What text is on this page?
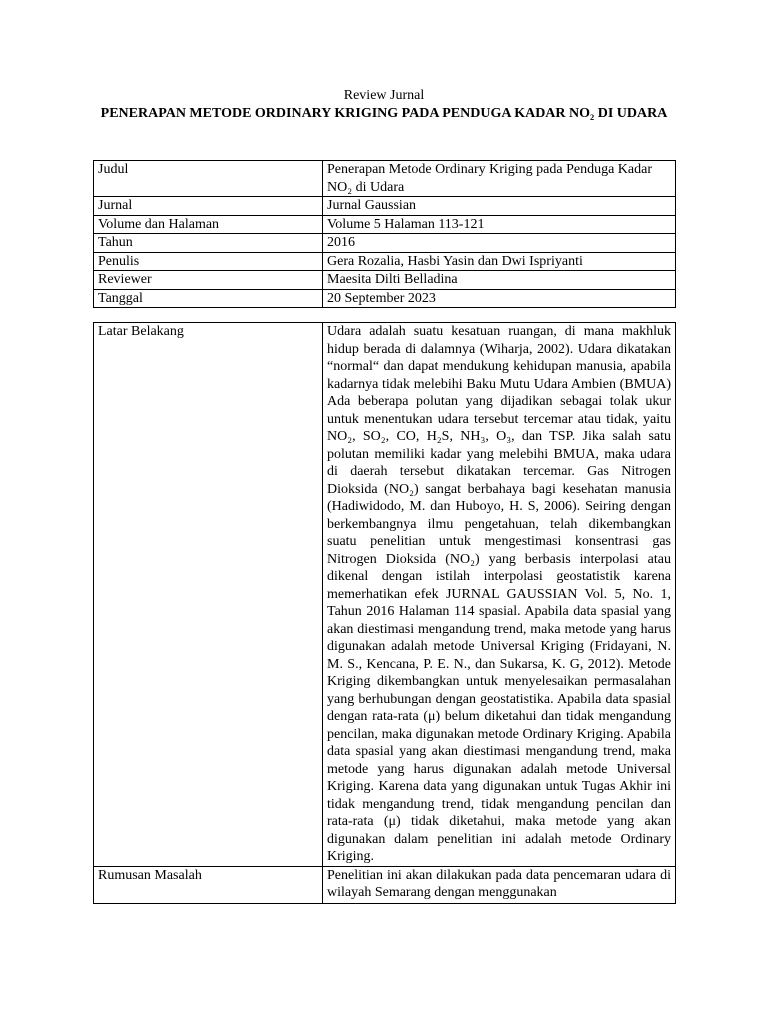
Review Jurnal
PENERAPAN METODE ORDINARY KRIGING PADA PENDUGA KADAR NO₂ DI UDARA
Judul	Penerapan Metode Ordinary Kriging pada Penduga Kadar NO₂ di Udara
Jurnal	Jurnal Gaussian
Volume dan Halaman	Volume 5 Halaman 113-121
Tahun	2016
Penulis	Gera Rozalia, Hasbi Yasin dan Dwi Ispriyanti
Reviewer	Maesita Dilti Belladina
Tanggal	20 September 2023
Latar Belakang	Udara adalah suatu kesatuan ruangan, di mana makhluk hidup berada di dalamnya (Wiharja, 2002). Udara dikatakan “normal“ dan dapat mendukung kehidupan manusia, apabila kadarnya tidak melebihi Baku Mutu Udara Ambien (BMUA) Ada beberapa polutan yang dijadikan sebagai tolak ukur untuk menentukan udara tersebut tercemar atau tidak, yaitu NO₂, SO₂, CO, H₂S, NH₃, O₃, dan TSP. Jika salah satu polutan memiliki kadar yang melebihi BMUA, maka udara di daerah tersebut dikatakan tercemar. Gas Nitrogen Dioksida (NO₂) sangat berbahaya bagi kesehatan manusia (Hadiwidodo, M. dan Huboyo, H. S, 2006). Seiring dengan berkembangnya ilmu pengetahuan, telah dikembangkan suatu penelitian untuk mengestimasi konsentrasi gas Nitrogen Dioksida (NO₂) yang berbasis interpolasi atau dikenal dengan istilah interpolasi geostatistik karena memerhatikan efek JURNAL GAUSSIAN Vol. 5, No. 1, Tahun 2016 Halaman 114 spasial. Apabila data spasial yang akan diestimasi mengandung trend, maka metode yang harus digunakan adalah metode Universal Kriging (Fridayani, N. M. S., Kencana, P. E. N., dan Sukarsa, K. G, 2012). Metode Kriging dikembangkan untuk menyelesaikan permasalahan yang berhubungan dengan geostatistika. Apabila data spasial dengan rata-rata (μ) belum diketahui dan tidak mengandung pencilan, maka digunakan metode Ordinary Kriging. Apabila data spasial yang akan diestimasi mengandung trend, maka metode yang harus digunakan adalah metode Universal Kriging. Karena data yang digunakan untuk Tugas Akhir ini tidak mengandung trend, tidak mengandung pencilan dan rata-rata (μ) tidak diketahui, maka metode yang akan digunakan dalam penelitian ini adalah metode Ordinary Kriging.
Rumusan Masalah	Penelitian ini akan dilakukan pada data pencemaran udara di wilayah Semarang dengan menggunakan
